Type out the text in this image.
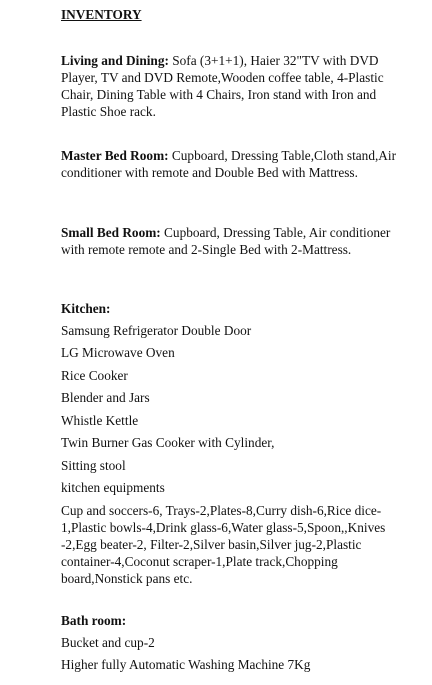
INVENTORY

Living and Dining: Sofa (3+1+1), Haier 32"TV with DVD Player, TV and DVD Remote,Wooden coffee table, 4-Plastic Chair, Dining Table with 4 Chairs, Iron stand with Iron and Plastic Shoe rack.

Master Bed Room: Cupboard, Dressing Table,Cloth stand,Air conditioner with remote and Double Bed with Mattress.

Small Bed Room: Cupboard, Dressing Table, Air conditioner with remote remote and 2-Single Bed with 2-Mattress.

Kitchen:
Samsung Refrigerator Double Door
LG Microwave Oven
Rice Cooker
Blender and Jars
Whistle Kettle
Twin Burner Gas Cooker with Cylinder,
Sitting stool
kitchen equipments

Cup and soccers-6, Trays-2,Plates-8,Curry dish-6,Rice dice-1,Plastic bowls-4,Drink glass-6,Water glass-5,Spoon,,Knives -2,Egg beater-2, Filter-2,Silver basin,Silver jug-2,Plastic container-4,Coconut scraper-1,Plate track,Chopping board,Nonstick pans etc.

Bath room:
Bucket and cup-2
Higher fully Automatic Washing Machine 7Kg
